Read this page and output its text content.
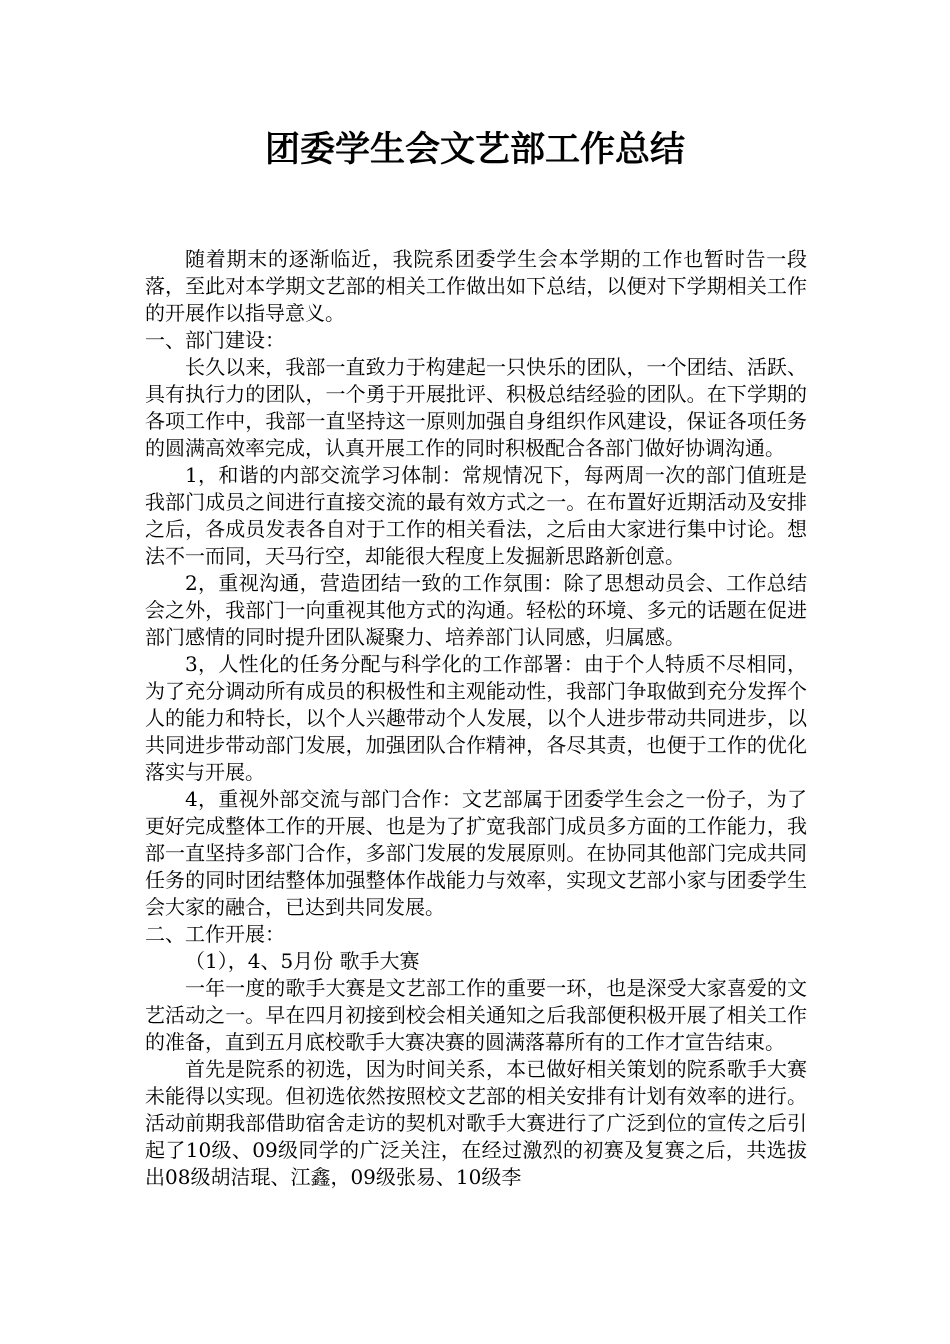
团委学生会文艺部工作总结

随着期末的逐渐临近，我院系团委学生会本学期的工作也暂时告一段落，至此对本学期文艺部的相关工作做出如下总结，以便对下学期相关工作的开展作以指导意义。

一、部门建设：

长久以来，我部一直致力于构建起一只快乐的团队，一个团结、活跃、具有执行力的团队，一个勇于开展批评、积极总结经验的团队。在下学期的各项工作中，我部一直坚持这一原则加强自身组织作风建设，保证各项任务的圆满高效率完成，认真开展工作的同时积极配合各部门做好协调沟通。

1，和谐的内部交流学习体制：常规情况下，每两周一次的部门值班是我部门成员之间进行直接交流的最有效方式之一。在布置好近期活动及安排之后，各成员发表各自对于工作的相关看法，之后由大家进行集中讨论。想法不一而同，天马行空，却能很大程度上发掘新思路新创意。

2，重视沟通，营造团结一致的工作氛围：除了思想动员会、工作总结会之外，我部门一向重视其他方式的沟通。轻松的环境、多元的话题在促进部门感情的同时提升团队凝聚力、培养部门认同感，归属感。

3，人性化的任务分配与科学化的工作部署：由于个人特质不尽相同，为了充分调动所有成员的积极性和主观能动性，我部门争取做到充分发挥个人的能力和特长，以个人兴趣带动个人发展，以个人进步带动共同进步，以共同进步带动部门发展，加强团队合作精神，各尽其责，也便于工作的优化落实与开展。

4，重视外部交流与部门合作：文艺部属于团委学生会之一份子，为了更好完成整体工作的开展、也是为了扩宽我部门成员多方面的工作能力，我部一直坚持多部门合作，多部门发展的发展原则。在协同其他部门完成共同任务的同时团结整体加强整体作战能力与效率，实现文艺部小家与团委学生会大家的融合，已达到共同发展。

二、工作开展：

（1），4、5月份 歌手大赛

一年一度的歌手大赛是文艺部工作的重要一环，也是深受大家喜爱的文艺活动之一。早在四月初接到校会相关通知之后我部便积极开展了相关工作的准备，直到五月底校歌手大赛决赛的圆满落幕所有的工作才宣告结束。

首先是院系的初选，因为时间关系，本已做好相关策划的院系歌手大赛未能得以实现。但初选依然按照校文艺部的相关安排有计划有效率的进行。活动前期我部借助宿舍走访的契机对歌手大赛进行了广泛到位的宣传之后引起了10级、09级同学的广泛关注，在经过激烈的初赛及复赛之后，共选拔出08级胡洁琨、江鑫，09级张易、10级李
